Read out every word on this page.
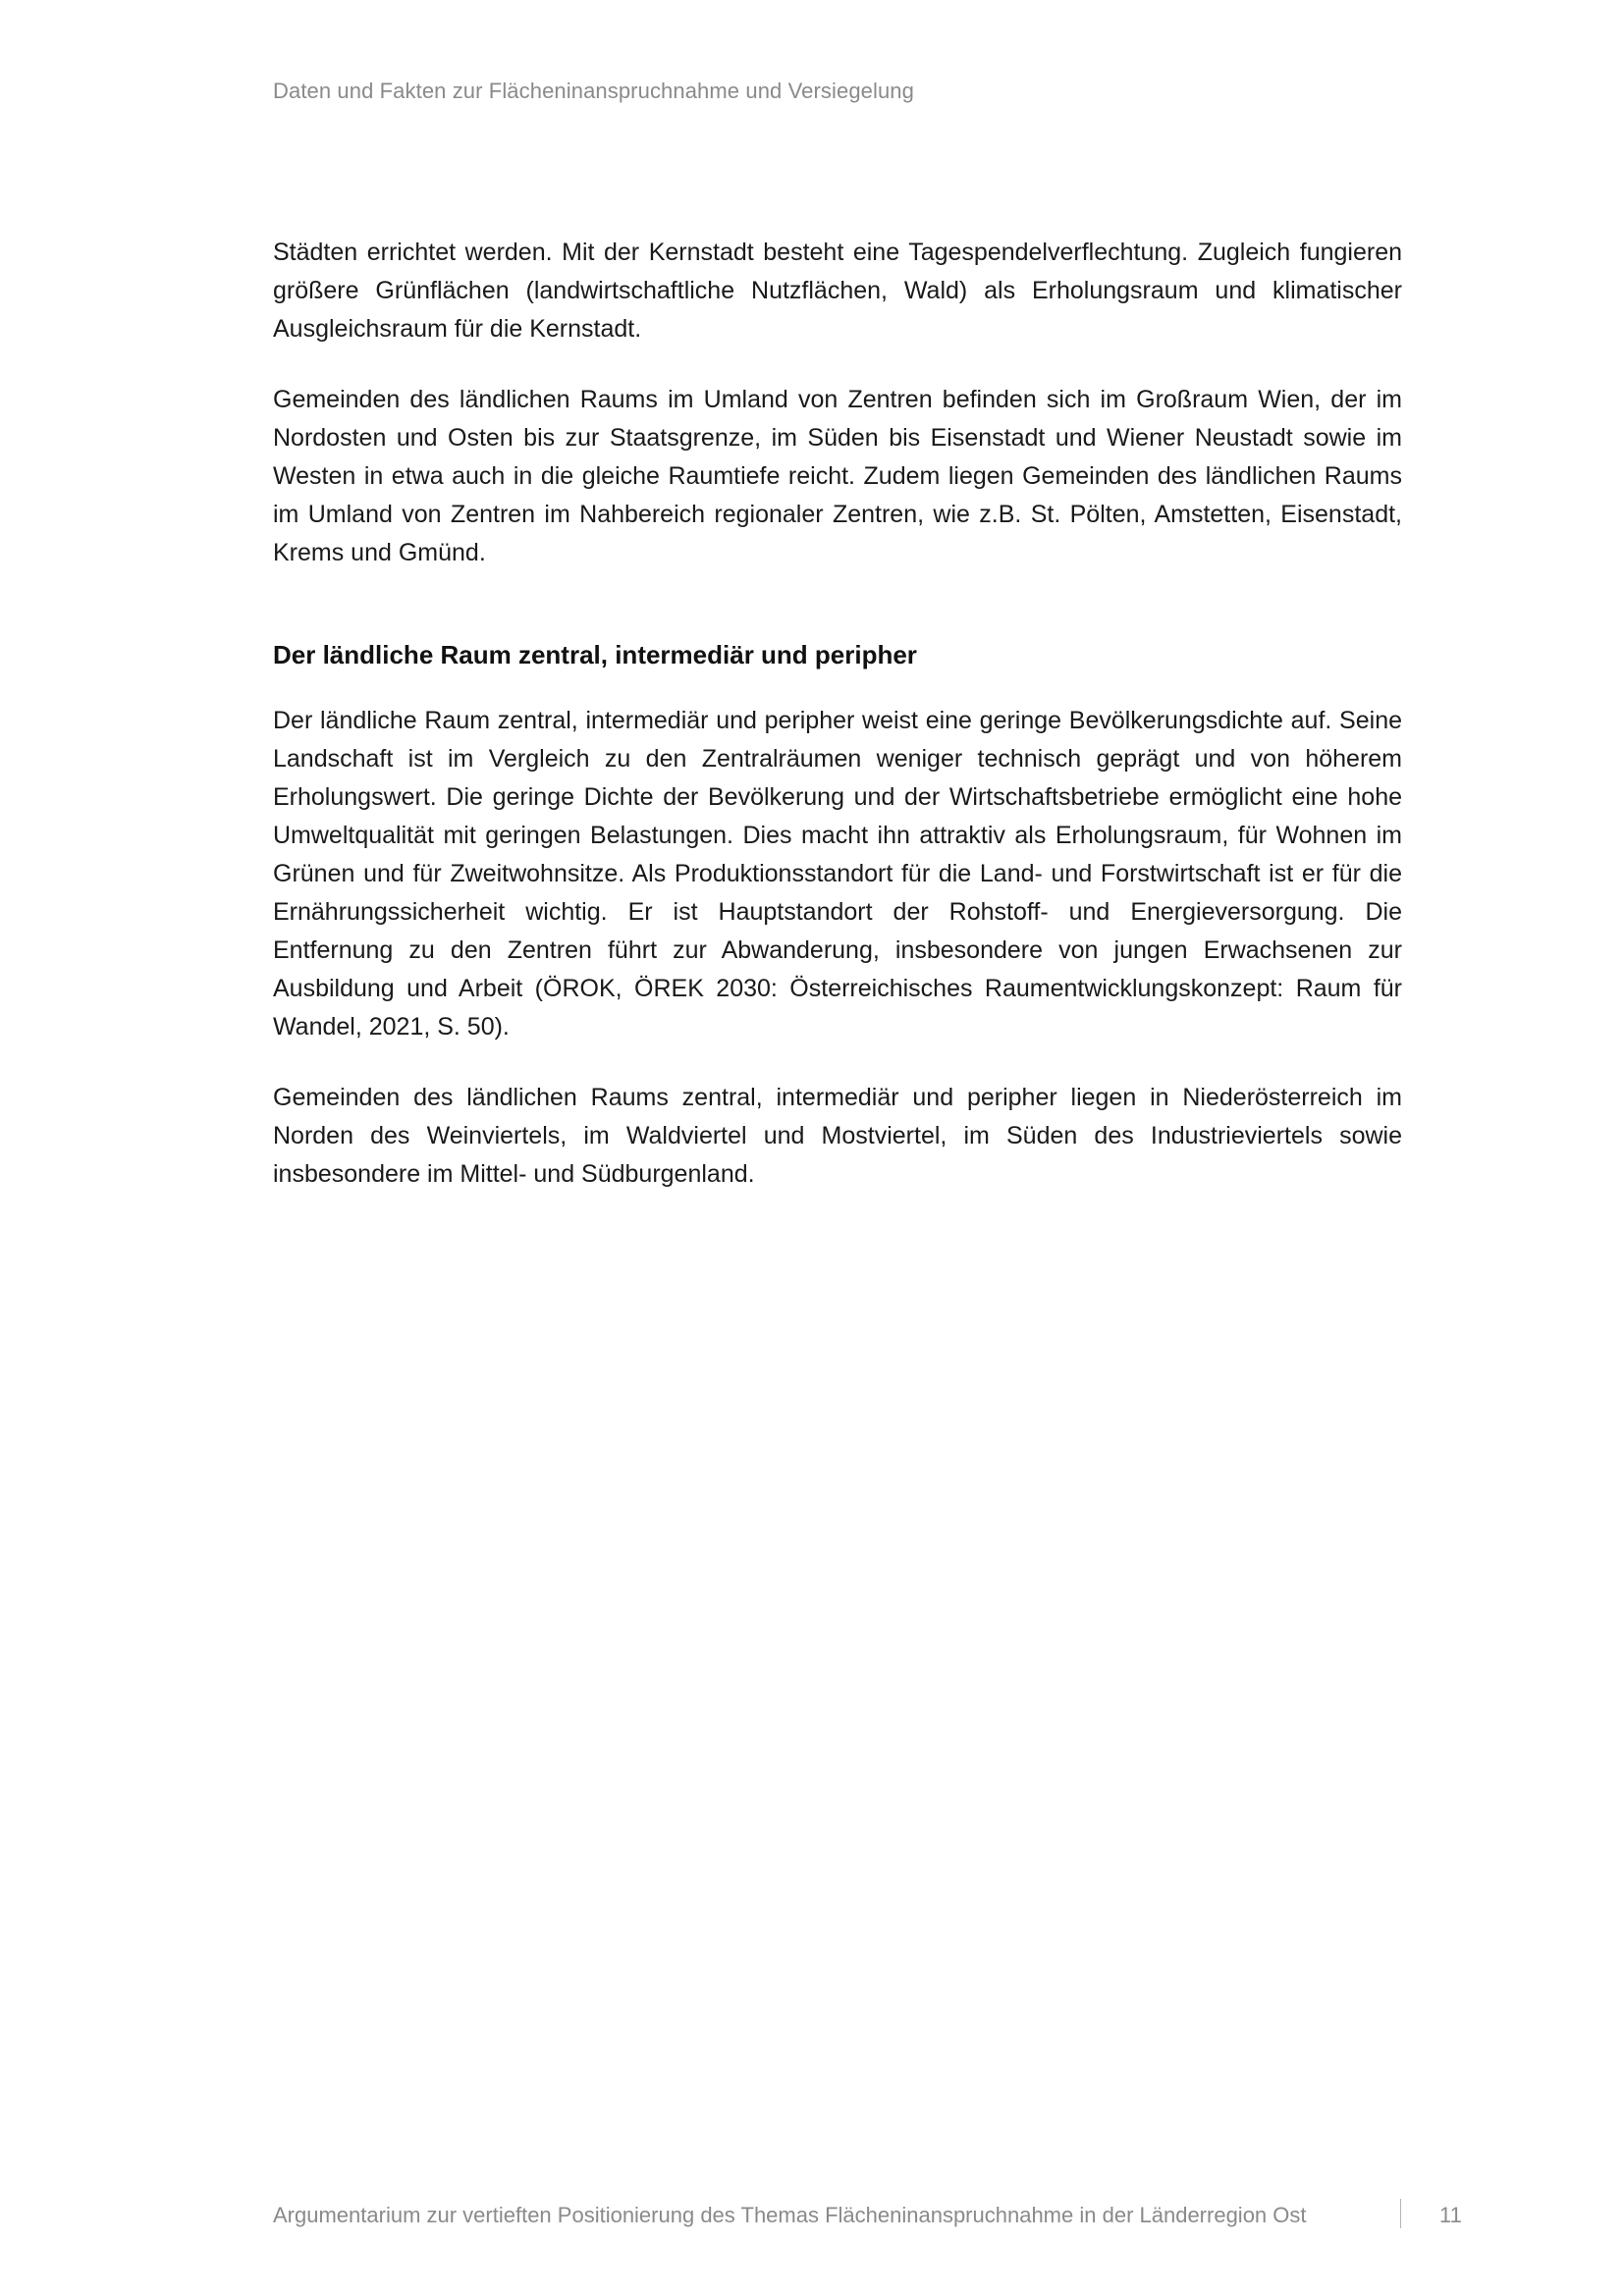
Daten und Fakten zur Flächeninanspruchnahme und Versiegelung

Städten errichtet werden. Mit der Kernstadt besteht eine Tagespendelverflechtung. Zugleich fungieren größere Grünflächen (landwirtschaftliche Nutzflächen, Wald) als Erholungsraum und klimatischer Ausgleichsraum für die Kernstadt.

Gemeinden des ländlichen Raums im Umland von Zentren befinden sich im Großraum Wien, der im Nordosten und Osten bis zur Staatsgrenze, im Süden bis Eisenstadt und Wiener Neustadt sowie im Westen in etwa auch in die gleiche Raumtiefe reicht. Zudem liegen Gemeinden des ländlichen Raums im Umland von Zentren im Nahbereich regionaler Zentren, wie z.B. St. Pölten, Amstetten, Eisenstadt, Krems und Gmünd.

Der ländliche Raum zentral, intermediär und peripher

Der ländliche Raum zentral, intermediär und peripher weist eine geringe Bevölkerungsdichte auf. Seine Landschaft ist im Vergleich zu den Zentralräumen weniger technisch geprägt und von höherem Erholungswert. Die geringe Dichte der Bevölkerung und der Wirtschaftsbetriebe ermöglicht eine hohe Umweltqualität mit geringen Belastungen. Dies macht ihn attraktiv als Erholungsraum, für Wohnen im Grünen und für Zweitwohnsitze. Als Produktionsstandort für die Land- und Forstwirtschaft ist er für die Ernährungssicherheit wichtig. Er ist Hauptstandort der Rohstoff- und Energieversorgung. Die Entfernung zu den Zentren führt zur Abwanderung, insbesondere von jungen Erwachsenen zur Ausbildung und Arbeit (ÖROK, ÖREK 2030: Österreichisches Raumentwicklungskonzept: Raum für Wandel, 2021, S. 50).

Gemeinden des ländlichen Raums zentral, intermediär und peripher liegen in Niederösterreich im Norden des Weinviertels, im Waldviertel und Mostviertel, im Süden des Industrieviertels sowie insbesondere im Mittel- und Südburgenland.

Argumentarium zur vertieften Positionierung des Themas Flächeninanspruchnahme in der Länderregion Ost	11
